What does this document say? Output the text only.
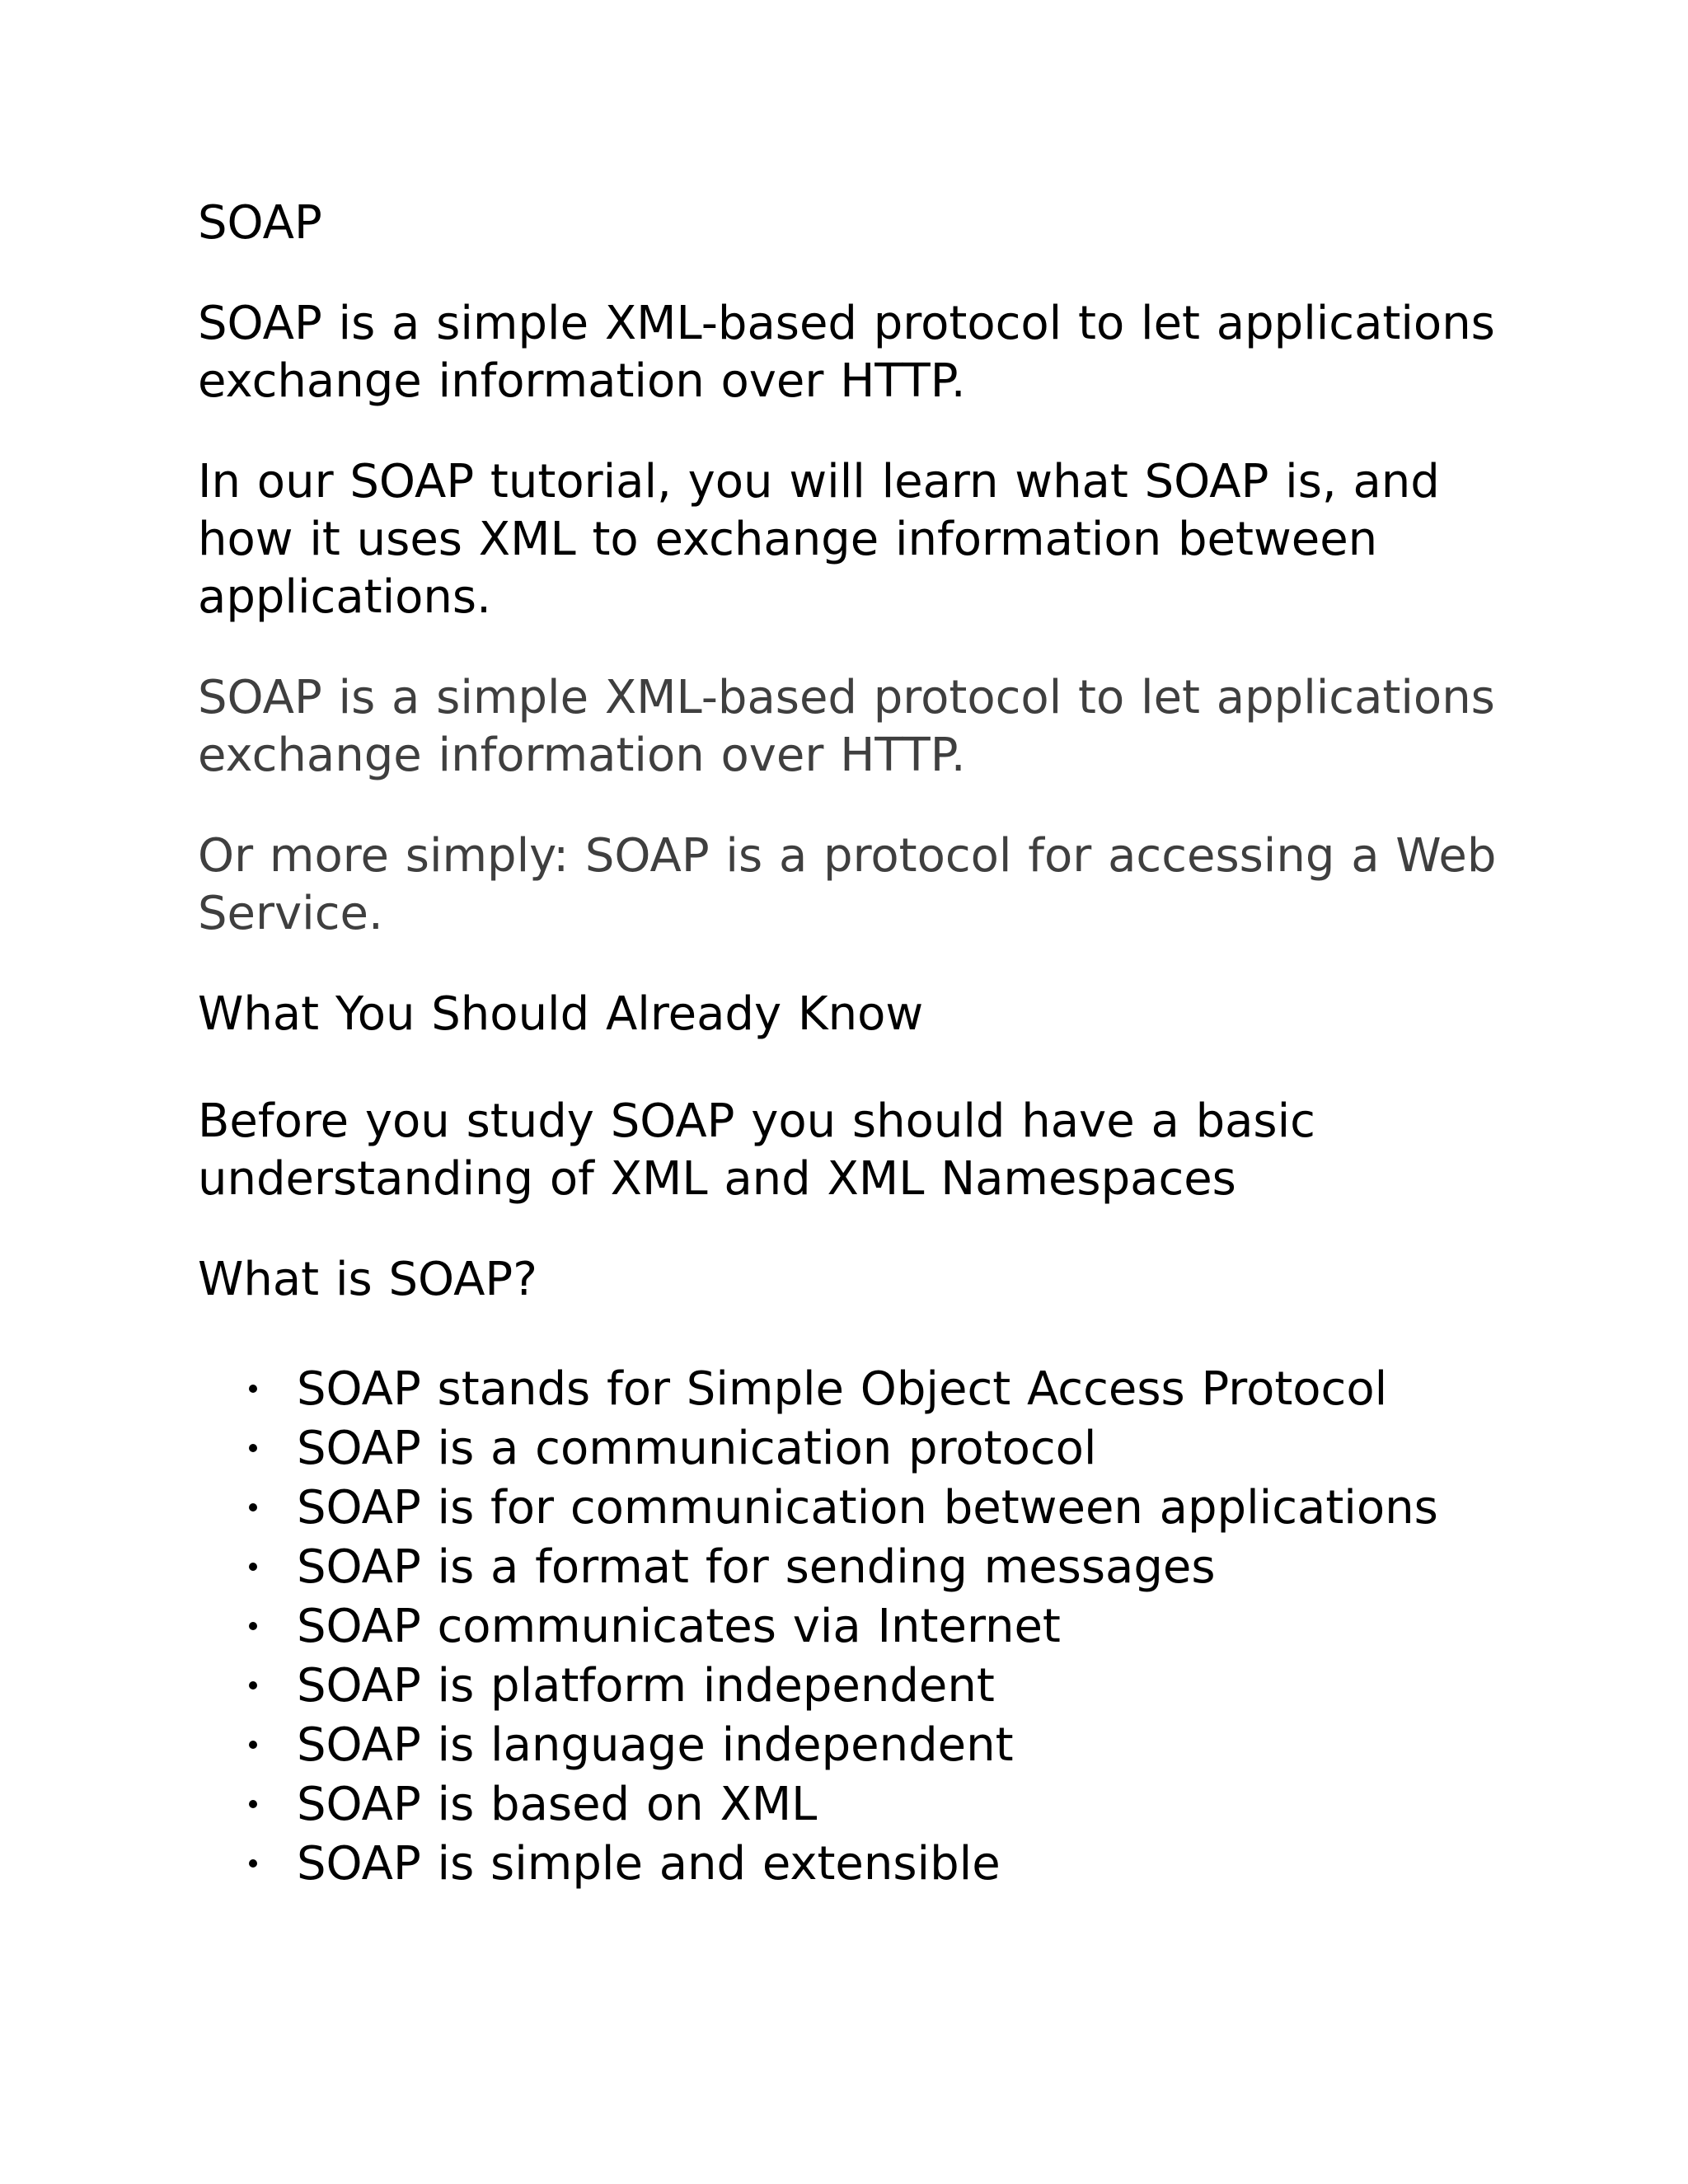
SOAP

SOAP is a simple XML-based protocol to let applications exchange information over HTTP.

In our SOAP tutorial, you will learn what SOAP is, and how it uses XML to exchange information between applications.

SOAP is a simple XML-based protocol to let applications exchange information over HTTP.

Or more simply: SOAP is a protocol for accessing a Web Service.

What You Should Already Know

Before you study SOAP you should have a basic understanding of XML and XML Namespaces

What is SOAP?

SOAP stands for Simple Object Access Protocol
SOAP is a communication protocol
SOAP is for communication between applications
SOAP is a format for sending messages
SOAP communicates via Internet
SOAP is platform independent
SOAP is language independent
SOAP is based on XML
SOAP is simple and extensible
